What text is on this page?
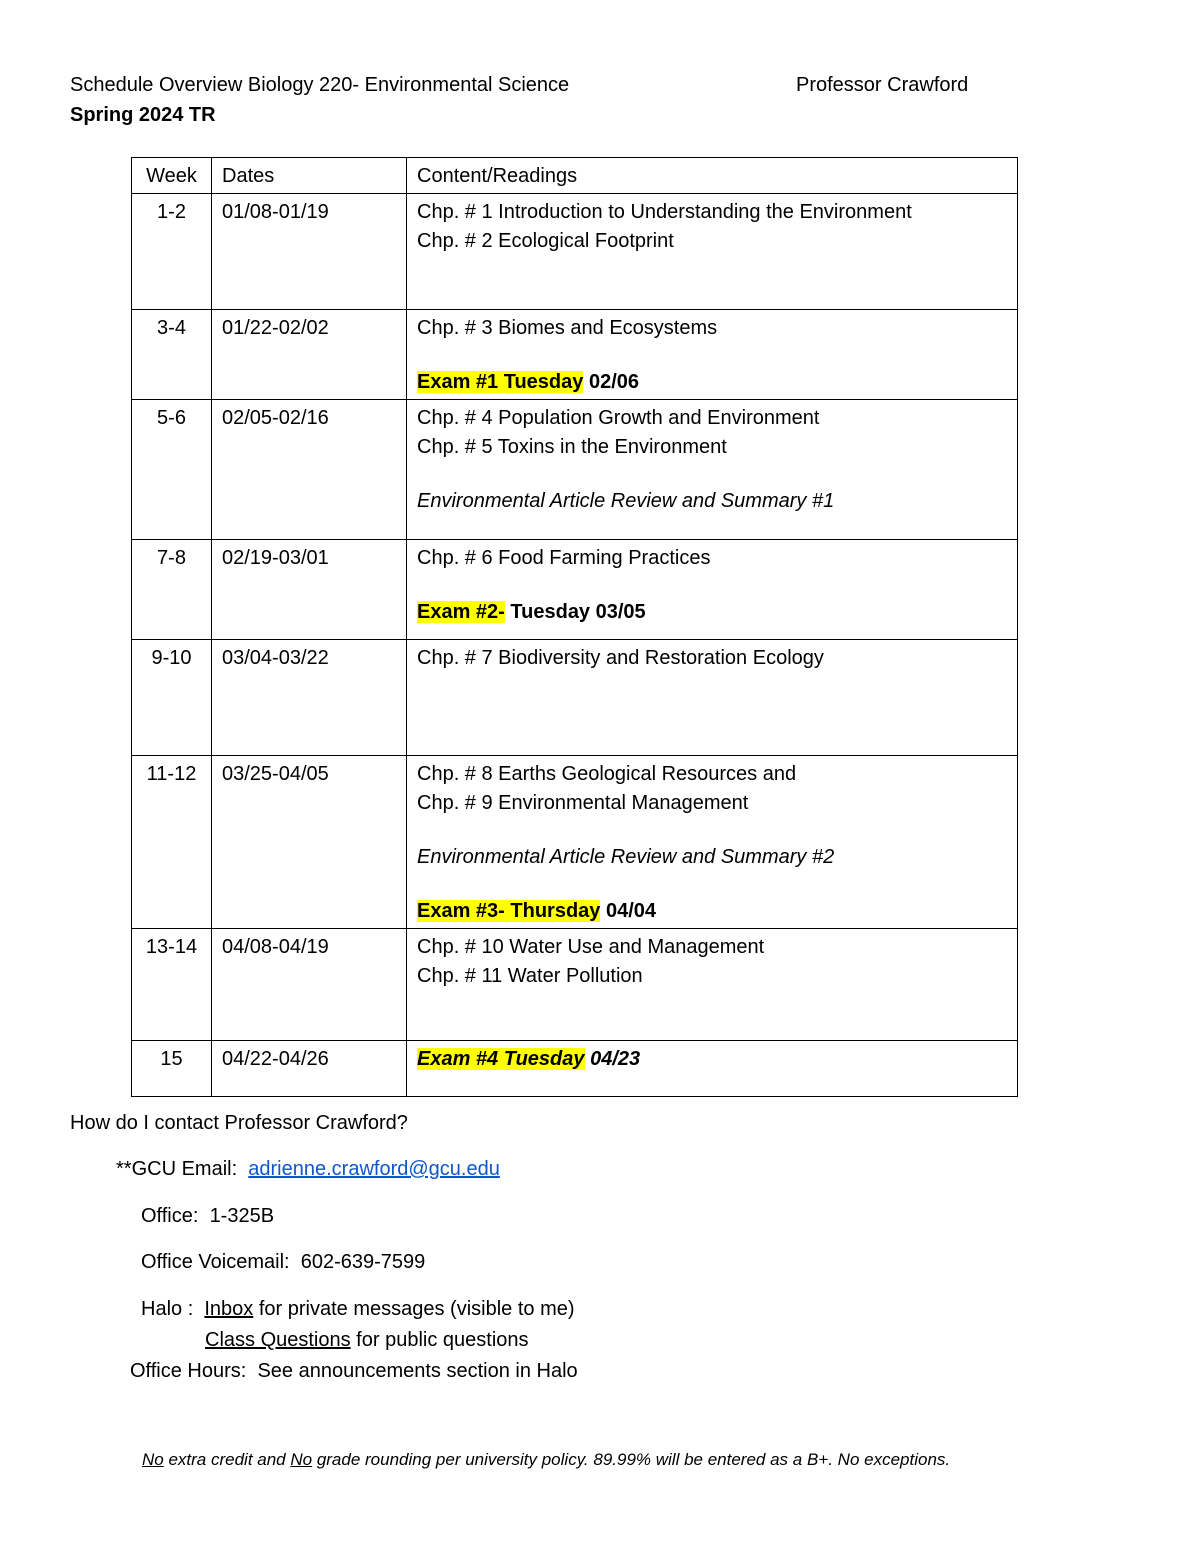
Schedule Overview Biology 220- Environmental Science	Professor Crawford
Spring 2024 TR
Week	Dates	Content/Readings
1-2	01/08-01/19	Chp. # 1 Introduction to Understanding the Environment
Chp. # 2 Ecological Footprint

3-4	01/22-02/02	Chp. # 3 Biomes and Ecosystems
Exam #1 Tuesday 02/06

5-6	02/05-02/16	Chp. # 4 Population Growth and Environment
Chp. # 5 Toxins in the Environment
Environmental Article Review and Summary #1

7-8	02/19-03/01	Chp. # 6 Food Farming Practices
Exam #2- Tuesday 03/05

9-10	03/04-03/22	Chp. # 7 Biodiversity and Restoration Ecology

11-12	03/25-04/05	Chp. # 8 Earths Geological Resources and
Chp. # 9 Environmental Management
Environmental Article Review and Summary #2
Exam #3- Thursday 04/04

13-14	04/08-04/19	Chp. # 10 Water Use and Management
Chp. # 11 Water Pollution

15	04/22-04/26	Exam #4 Tuesday 04/23
How do I contact Professor Crawford?
**GCU Email: adrienne.crawford@gcu.edu
Office: 1-325B
Office Voicemail: 602-639-7599
Halo : Inbox for private messages (visible to me)
Class Questions for public questions
Office Hours: See announcements section in Halo
No extra credit and No grade rounding per university policy. 89.99% will be entered as a B+. No exceptions.
